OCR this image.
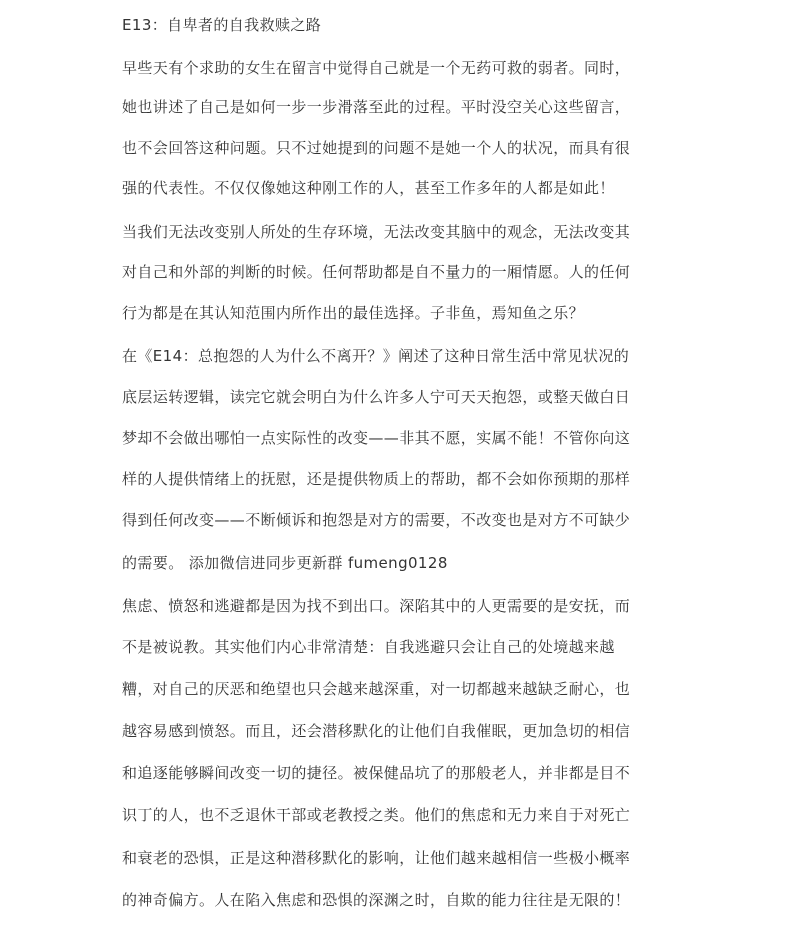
E13：自卑者的自我救赎之路
早些天有个求助的女生在留言中觉得自己就是一个无药可救的弱者。同时，
她也讲述了自己是如何一步一步滑落至此的过程。平时没空关心这些留言，
也不会回答这种问题。只不过她提到的问题不是她一个人的状况，而具有很
强的代表性。不仅仅像她这种刚工作的人，甚至工作多年的人都是如此！
当我们无法改变别人所处的生存环境，无法改变其脑中的观念，无法改变其
对自己和外部的判断的时候。任何帮助都是自不量力的一厢情愿。人的任何
行为都是在其认知范围内所作出的最佳选择。子非鱼，焉知鱼之乐？
在《E14：总抱怨的人为什么不离开？》阐述了这种日常生活中常见状况的
底层运转逻辑，读完它就会明白为什么许多人宁可天天抱怨，或整天做白日
梦却不会做出哪怕一点实际性的改变——非其不愿，实属不能！不管你向这
样的人提供情绪上的抚慰，还是提供物质上的帮助，都不会如你预期的那样
得到任何改变——不断倾诉和抱怨是对方的需要，不改变也是对方不可缺少
的需要。 添加微信进同步更新群 fumeng0128
焦虑、愤怒和逃避都是因为找不到出口。深陷其中的人更需要的是安抚，而
不是被说教。其实他们内心非常清楚：自我逃避只会让自己的处境越来越
糟，对自己的厌恶和绝望也只会越来越深重，对一切都越来越缺乏耐心，也
越容易感到愤怒。而且，还会潜移默化的让他们自我催眠，更加急切的相信
和追逐能够瞬间改变一切的捷径。被保健品坑了的那般老人，并非都是目不
识丁的人，也不乏退休干部或老教授之类。他们的焦虑和无力来自于对死亡
和衰老的恐惧，正是这种潜移默化的影响，让他们越来越相信一些极小概率
的神奇偏方。人在陷入焦虑和恐惧的深渊之时，自欺的能力往往是无限的！
